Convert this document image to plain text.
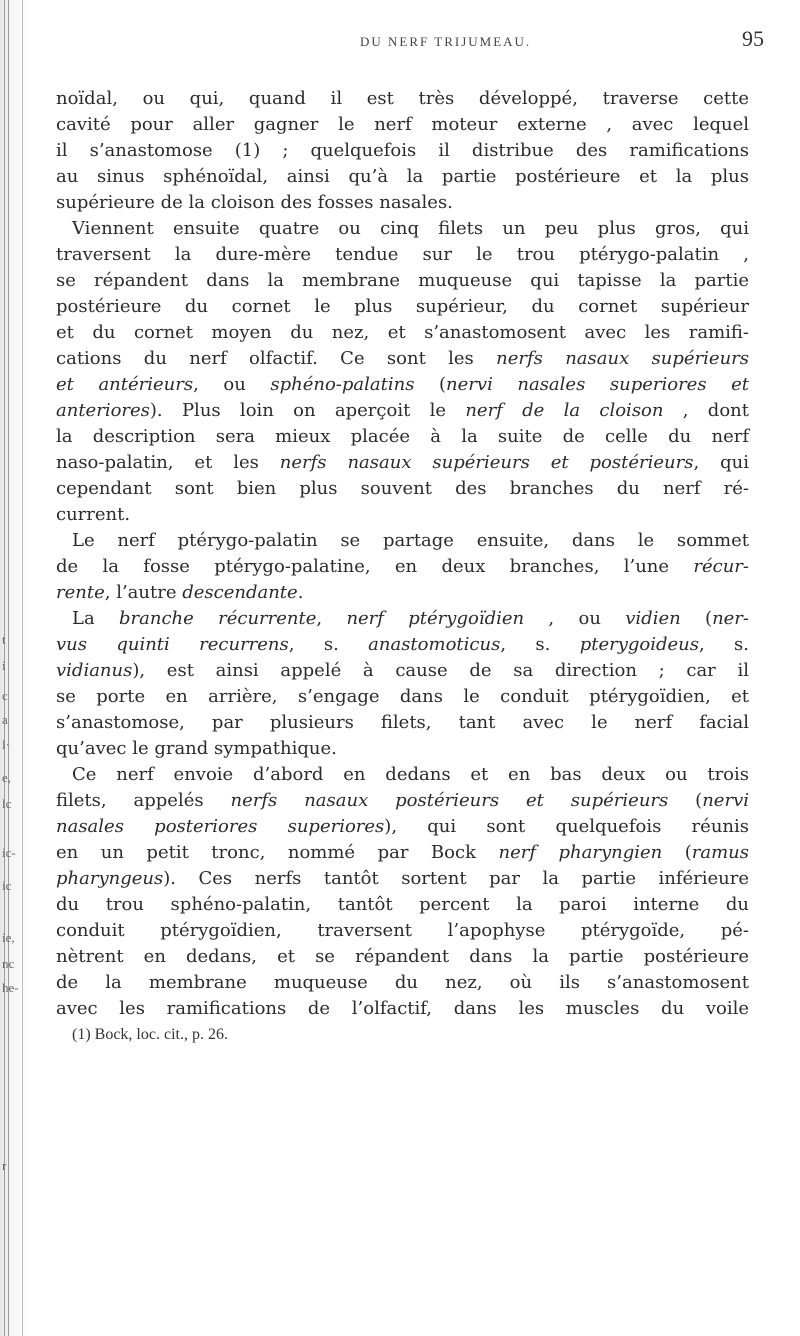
t
i
c
a
l·
e,
lc
ic-
ic
ie,
nc
he-
r
DU NERF TRIJUMEAU.	95
noïdal, ou qui, quand il est très développé, traverse cette
cavité pour aller gagner le nerf moteur externe , avec lequel
il s’anastomose (1) ; quelquefois il distribue des ramifications
au sinus sphénoïdal, ainsi qu’à la partie postérieure et la plus
supérieure de la cloison des fosses nasales.
Viennent ensuite quatre ou cinq filets un peu plus gros, qui
traversent la dure-mère tendue sur le trou ptérygo-palatin ,
se répandent dans la membrane muqueuse qui tapisse la partie
postérieure du cornet le plus supérieur, du cornet supérieur
et du cornet moyen du nez, et s’anastomosent avec les ramifi-
cations du nerf olfactif. Ce sont les nerfs nasaux supérieurs
et antérieurs, ou sphéno-palatins (nervi nasales superiores et
anteriores). Plus loin on aperçoit le nerf de la cloison , dont
la description sera mieux placée à la suite de celle du nerf
naso-palatin, et les nerfs nasaux supérieurs et postérieurs, qui
cependant sont bien plus souvent des branches du nerf ré-
current.
Le nerf ptérygo-palatin se partage ensuite, dans le sommet
de la fosse ptérygo-palatine, en deux branches, l’une récur-
rente, l’autre descendante.
La branche récurrente, nerf ptérygoïdien , ou vidien (ner-
vus quinti recurrens, s. anastomoticus, s. pterygoideus, s.
vidianus), est ainsi appelé à cause de sa direction ; car il
se porte en arrière, s’engage dans le conduit ptérygoïdien, et
s’anastomose, par plusieurs filets, tant avec le nerf facial
qu’avec le grand sympathique.
Ce nerf envoie d’abord en dedans et en bas deux ou trois
filets, appelés nerfs nasaux postérieurs et supérieurs (nervi
nasales posteriores superiores), qui sont quelquefois réunis
en un petit tronc, nommé par Bock nerf pharyngien (ramus
pharyngeus). Ces nerfs tantôt sortent par la partie inférieure
du trou sphéno-palatin, tantôt percent la paroi interne du
conduit ptérygoïdien, traversent l’apophyse ptérygoïde, pé-
nètrent en dedans, et se répandent dans la partie postérieure
de la membrane muqueuse du nez, où ils s’anastomosent
avec les ramifications de l’olfactif, dans les muscles du voile
(1) Bock, loc. cit., p. 26.
